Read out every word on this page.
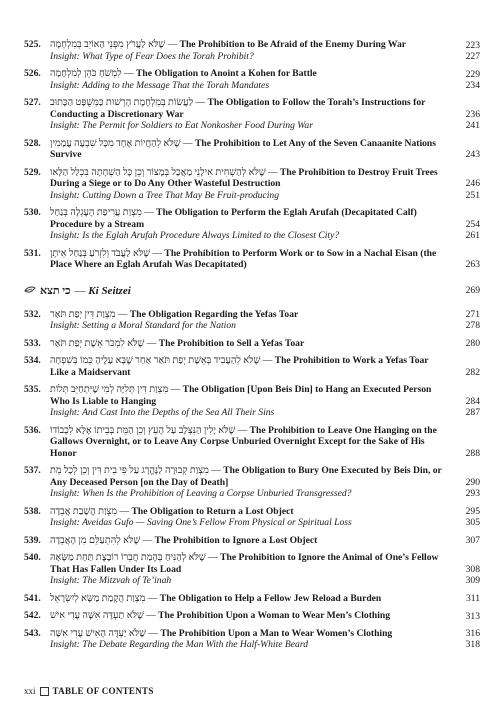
525. שֶׁלֹּא לַעֲרֹץ מִפְּנֵי הָאוֹיֵב בְּמִלְחָמָה — The Prohibition to Be Afraid of the Enemy During War	223
Insight: What Type of Fear Does the Torah Prohibit?	227
526. לִמְשֹׁחַ כֹּהֵן לְמִלְחָמָה — The Obligation to Anoint a Kohen for Battle	229
Insight: Adding to the Message That the Torah Mandates	234
527. לַעֲשׂוֹת בְּמִלְחֶמֶת הָרְשׁוּת כַּמְּשֻׁפָּט הַכָּתוּב — The Obligation to Follow the Torah’s Instructions for Conducting a Discretionary War	236
Insight: The Permit for Soldiers to Eat Nonkosher Food During War	241
528. שֶׁלֹּא לְהַחֲיוֹת אֶחָד מִכָּל שִׁבְעָה עֲמָמִין — The Prohibition to Let Any of the Seven Canaanite Nations Survive	243
529. שֶׁלֹּא לְהַשְׁחִית אִילָנֵי מַאֲכָל בְּמָצוֹר וְכֵן כָּל הַשְׁחָתָה בִּכְלַל הַלָּאו — The Prohibition to Destroy Fruit Trees During a Siege or to Do Any Other Wasteful Destruction	246
Insight: Cutting Down a Tree That May Be Fruit-producing	251
530. מִצְוַת עֲרִיפַת הָעֶגְלָה בְּנַחַל — The Obligation to Perform the Eglah Arufah (Decapitated Calf) Procedure by a Stream	254
Insight: Is the Eglah Arufah Procedure Always Limited to the Closest City?	261
531. שֶׁלֹּא לַעֲבֹד וְלִזְרֹעַ בְּנַחַל אֵיתָן — The Prohibition to Perform Work or to Sow in a Nachal Eisan (the Place Where an Eglah Arufah Was Decapitated)	263
כי תצא — Ki Seitzei	269
532. מִצְוַת דִּין יְפַת תֹּאַר — The Obligation Regarding the Yefas Toar	271
Insight: Setting a Moral Standard for the Nation	278
533. שֶׁלֹּא לִמְכֹּר אֵשֶׁת יְפַת תֹּאַר — The Prohibition to Sell a Yefas Toar	280
534. שֶׁלֹּא לְהַעֲבִיד בְּאֵשֶׁת יְפַת תֹּאַר אַחַר שֶׁבָּא עָלֶיהָ כְּמוֹ בְּשִׁפְחָה — The Prohibition to Work a Yefas Toar Like a Maidservant	282
535. מִצְוַת דִּין תְּלִיָּה לְמִי שֶׁיִּתְחַיֵּב תְּלוֹת — The Obligation [Upon Beis Din] to Hang an Executed Person Who Is Liable to Hanging	284
Insight: And Cast Into the Depths of the Sea All Their Sins	287
536. שֶׁלֹּא יָלִין הַנִּצְלָב עַל הָעֵץ וְכֵן הַמֵּת בְּבֵיתוֹ אֶלָּא לִכְבוֹדוֹ — The Prohibition to Leave One Hanging on the Gallows Overnight, or to Leave Any Corpse Unburied Overnight Except for the Sake of His Honor	288
537. מִצְוַת קְבוּרָה לַנֶּהֱרָג עַל פִּי בֵית דִּין וְכֵן לְכָל מֵת — The Obligation to Bury One Executed by Beis Din, or Any Deceased Person [on the Day of Death]	290
Insight: When Is the Prohibition of Leaving a Corpse Unburied Transgressed?	293
538. מִצְוַת הֲשָׁבַת אֲבֵדָה — The Obligation to Return a Lost Object	295
Insight: Aveidas Gufo — Saving One’s Fellow From Physical or Spiritual Loss	305
539. שֶׁלֹּא לְהִתְעַלֵּם מִן הָאֲבֵדָה — The Prohibition to Ignore a Lost Object	307
540. שֶׁלֹּא לְהַנִּיחַ בְּהֶמַת חֲבֵרוֹ רוֹבֶצֶת תַּחַת מַשָּׂאָהּ — The Prohibition to Ignore the Animal of One’s Fellow That Has Fallen Under Its Load	308
Insight: The Mitzvah of Te’inah	309
541. מִצְוַת הֲקָמַת מַשָּׂא לְיִשְׂרָאֵל — The Obligation to Help a Fellow Jew Reload a Burden	311
542. שֶׁלֹּא תַעְדֶּה אִשָּׁה עֶדִי אִישׁ — The Prohibition Upon a Woman to Wear Men’s Clothing	313
543. שֶׁלֹּא יַעְדֶּה הָאִישׁ עֶדִי אִשָּׁה — The Prohibition Upon a Man to Wear Women’s Clothing	316
Insight: The Debate Regarding the Man With the Half-White Beard	318
xxi TABLE OF CONTENTS
